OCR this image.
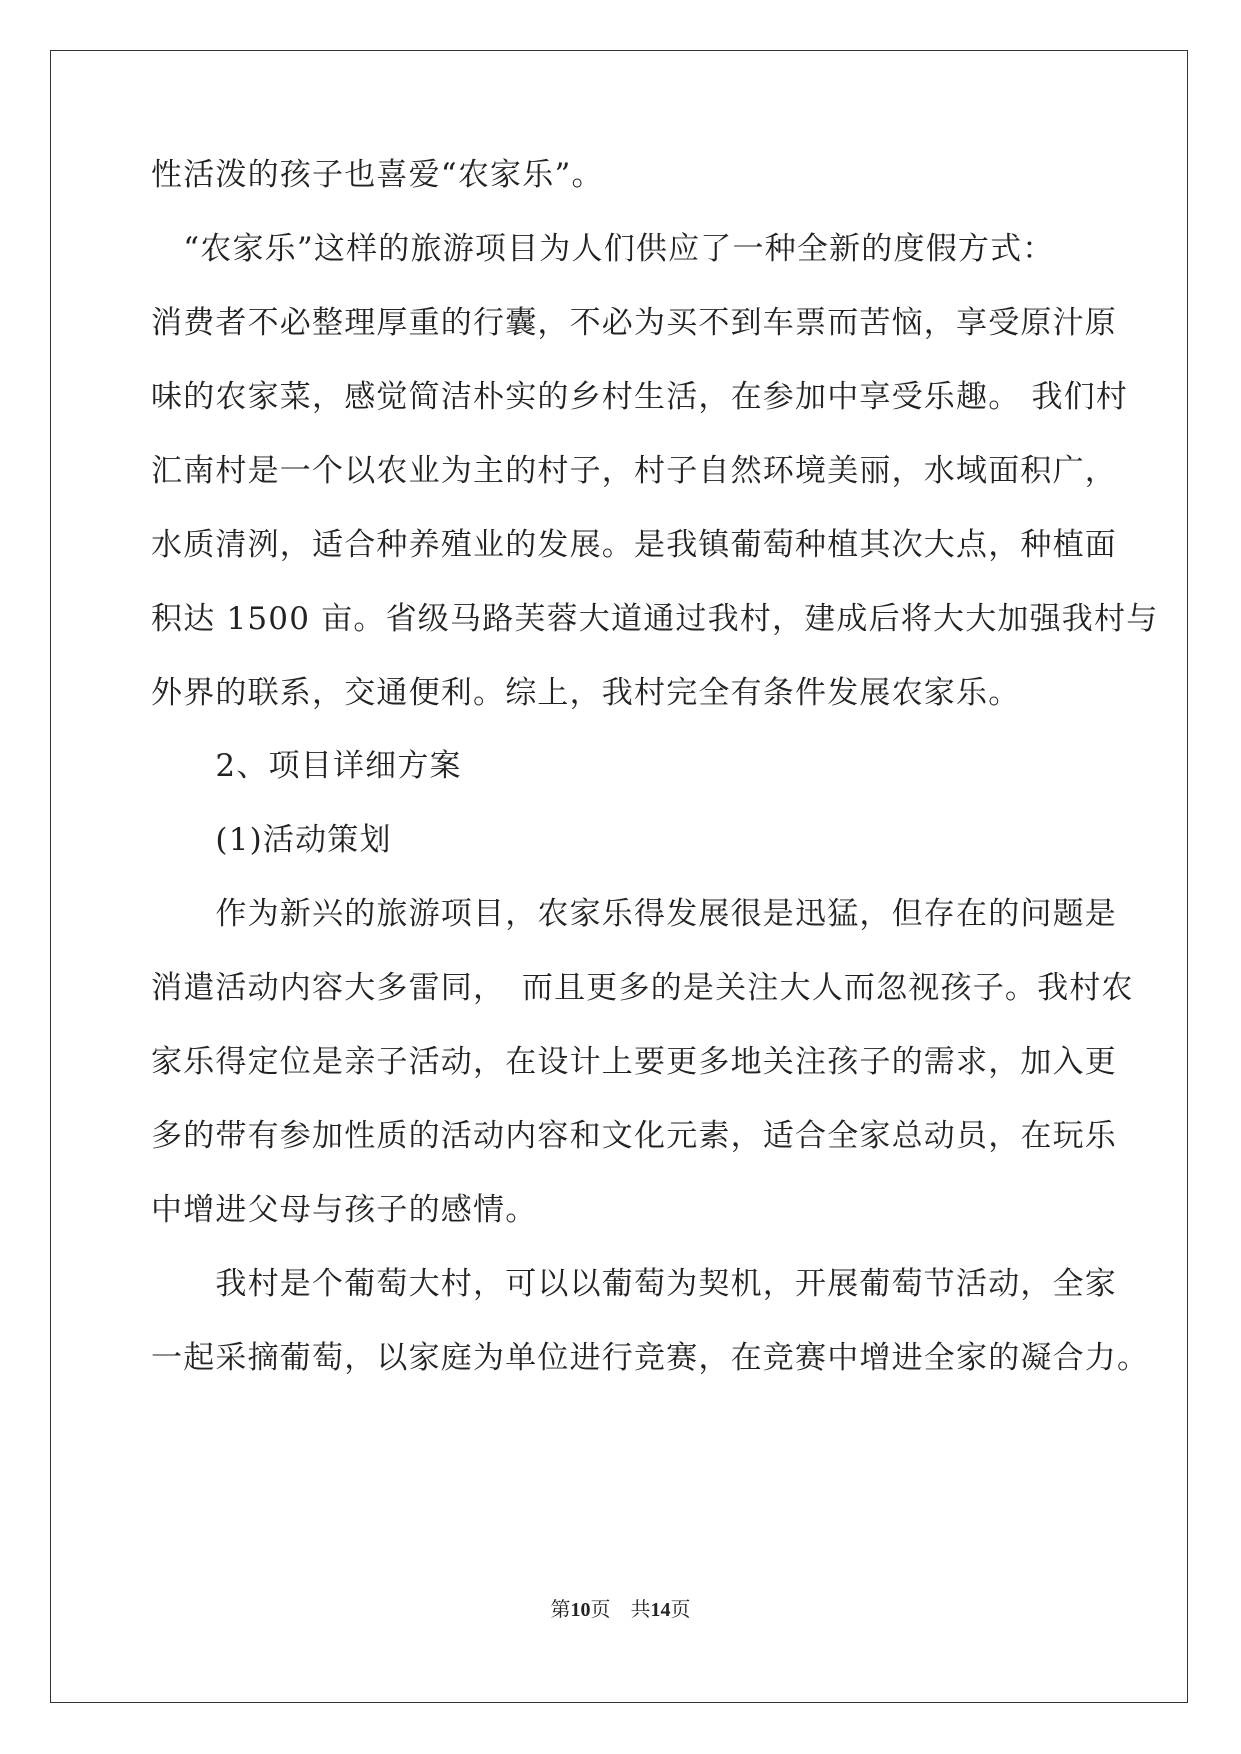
性活泼的孩子也喜爱“农家乐”。
　“农家乐”这样的旅游项目为人们供应了一种全新的度假方式：
消费者不必整理厚重的行囊，不必为买不到车票而苦恼，享受原汁原
味的农家菜，感觉简洁朴实的乡村生活，在参加中享受乐趣。 我们村
汇南村是一个以农业为主的村子，村子自然环境美丽，水域面积广，
水质清洌，适合种养殖业的发展。是我镇葡萄种植其次大点，种植面
积达 1500 亩。省级马路芙蓉大道通过我村，建成后将大大加强我村与
外界的联系，交通便利。综上，我村完全有条件发展农家乐。
　　2、项目详细方案
　　(1)活动策划
　　作为新兴的旅游项目，农家乐得发展很是迅猛，但存在的问题是
消遣活动内容大多雷同，　而且更多的是关注大人而忽视孩子。我村农
家乐得定位是亲子活动，在设计上要更多地关注孩子的需求，加入更
多的带有参加性质的活动内容和文化元素，适合全家总动员，在玩乐
中增进父母与孩子的感情。
　　我村是个葡萄大村，可以以葡萄为契机，开展葡萄节活动，全家
一起采摘葡萄，以家庭为单位进行竞赛，在竞赛中增进全家的凝合力。
第10页　共14页
